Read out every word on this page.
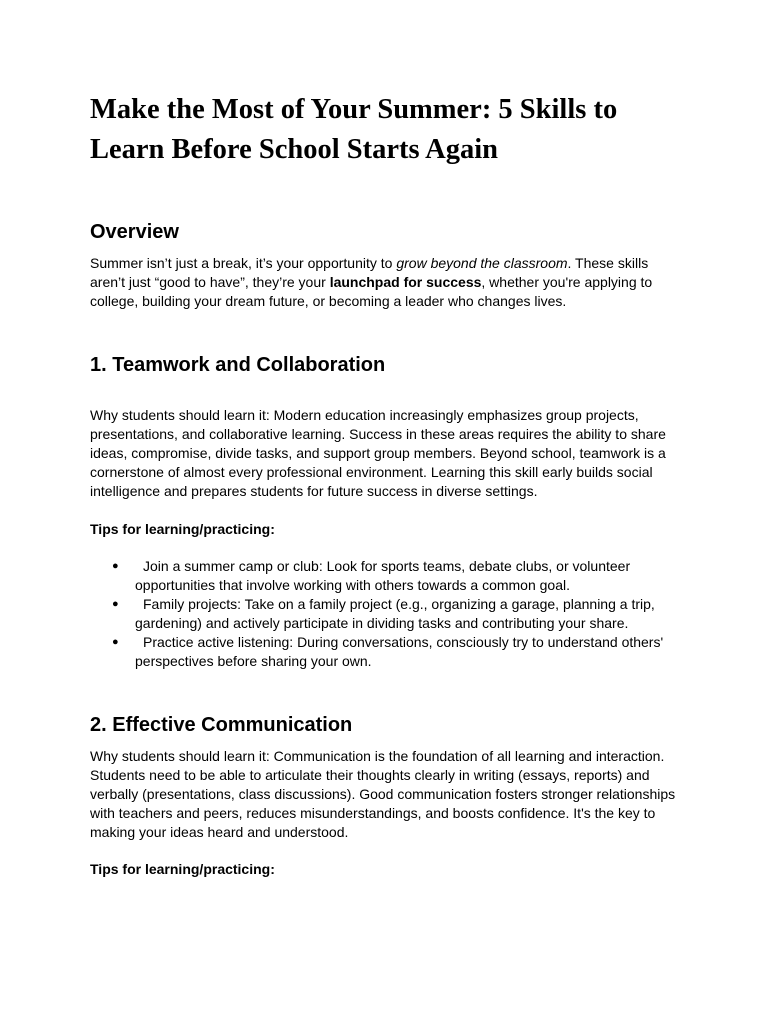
Make the Most of Your Summer: 5 Skills to Learn Before School Starts Again
Overview

Summer isn’t just a break, it’s your opportunity to grow beyond the classroom. These skills aren’t just “good to have”, they’re your launchpad for success, whether you're applying to college, building your dream future, or becoming a leader who changes lives.

1. Teamwork and Collaboration

Why students should learn it: Modern education increasingly emphasizes group projects, presentations, and collaborative learning. Success in these areas requires the ability to share ideas, compromise, divide tasks, and support group members. Beyond school, teamwork is a cornerstone of almost every professional environment. Learning this skill early builds social intelligence and prepares students for future success in diverse settings.

Tips for learning/practicing:

● Join a summer camp or club: Look for sports teams, debate clubs, or volunteer opportunities that involve working with others towards a common goal.
● Family projects: Take on a family project (e.g., organizing a garage, planning a trip, gardening) and actively participate in dividing tasks and contributing your share.
● Practice active listening: During conversations, consciously try to understand others' perspectives before sharing your own.
2. Effective Communication

Why students should learn it: Communication is the foundation of all learning and interaction. Students need to be able to articulate their thoughts clearly in writing (essays, reports) and verbally (presentations, class discussions). Good communication fosters stronger relationships with teachers and peers, reduces misunderstandings, and boosts confidence. It's the key to making your ideas heard and understood.

Tips for learning/practicing:
